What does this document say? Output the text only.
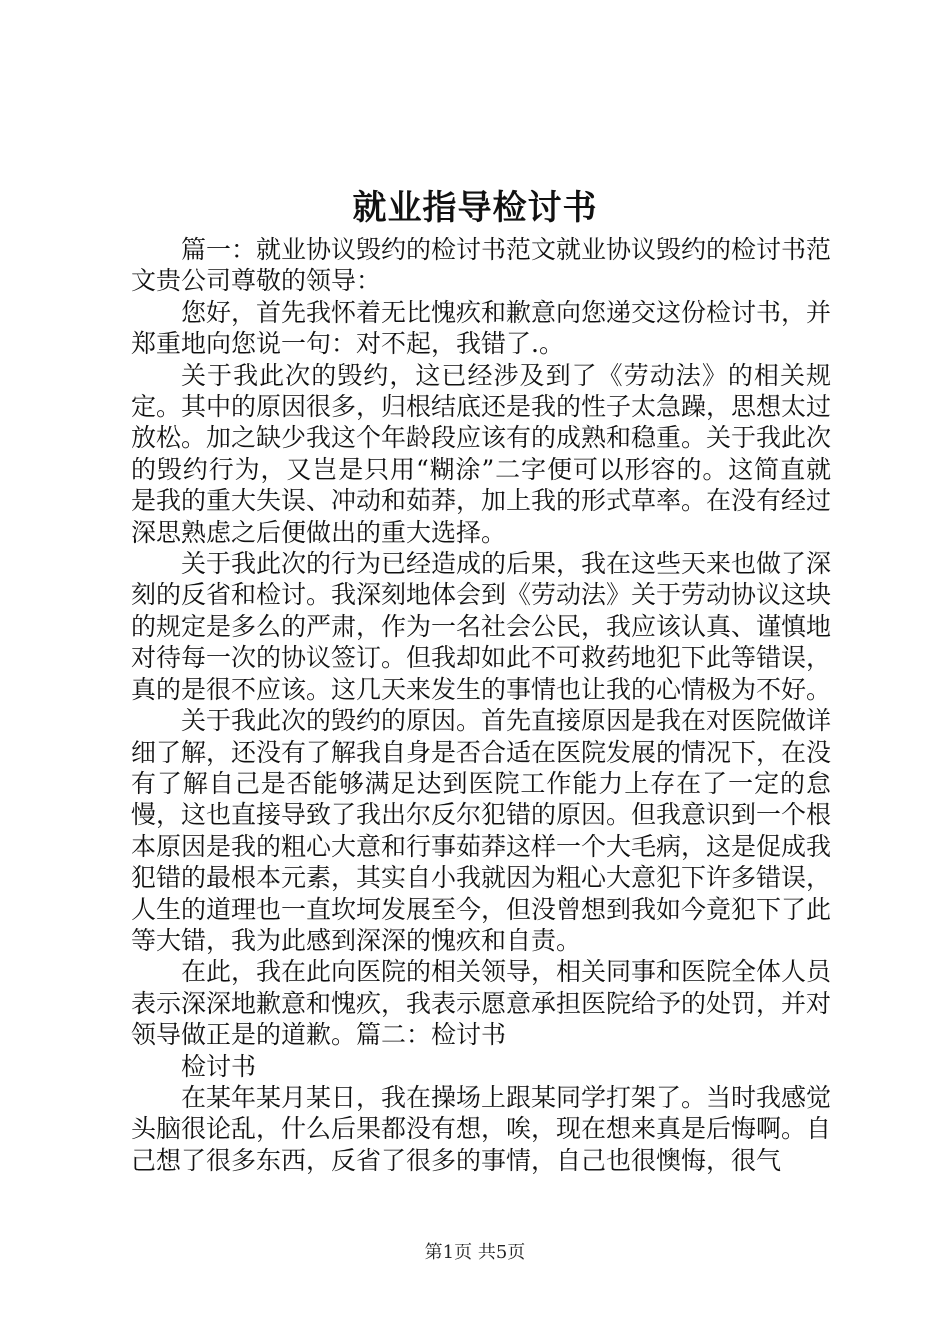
就业指导检讨书

篇一：就业协议毁约的检讨书范文就业协议毁约的检讨书范文贵公司尊敬的领导：

您好，首先我怀着无比愧疚和歉意向您递交这份检讨书，并郑重地向您说一句：对不起，我错了.。

关于我此次的毁约，这已经涉及到了《劳动法》的相关规定。其中的原因很多，归根结底还是我的性子太急躁，思想太过放松。加之缺少我这个年龄段应该有的成熟和稳重。关于我此次的毁约行为，又岂是只用“糊涂”二字便可以形容的。这简直就是我的重大失误、冲动和茹莽，加上我的形式草率。在没有经过深思熟虑之后便做出的重大选择。

关于我此次的行为已经造成的后果，我在这些天来也做了深刻的反省和检讨。我深刻地体会到《劳动法》关于劳动协议这块的规定是多么的严肃，作为一名社会公民，我应该认真、谨慎地对待每一次的协议签订。但我却如此不可救药地犯下此等错误，真的是很不应该。这几天来发生的事情也让我的心情极为不好。

关于我此次的毁约的原因。首先直接原因是我在对医院做详细了解，还没有了解我自身是否合适在医院发展的情况下，在没有了解自己是否能够满足达到医院工作能力上存在了一定的怠慢，这也直接导致了我出尔反尔犯错的原因。但我意识到一个根本原因是我的粗心大意和行事茹莽这样一个大毛病，这是促成我犯错的最根本元素，其实自小我就因为粗心大意犯下许多错误，人生的道理也一直坎坷发展至今，但没曾想到我如今竟犯下了此等大错，我为此感到深深的愧疚和自责。

在此，我在此向医院的相关领导，相关同事和医院全体人员表示深深地歉意和愧疚，我表示愿意承担医院给予的处罚，并对领导做正是的道歉。篇二：检讨书

检讨书

在某年某月某日，我在操场上跟某同学打架了。当时我感觉头脑很论乱，什么后果都没有想，唉，现在想来真是后悔啊。自己想了很多东西，反省了很多的事情，自己也很懊悔，很气

第1页 共5页
